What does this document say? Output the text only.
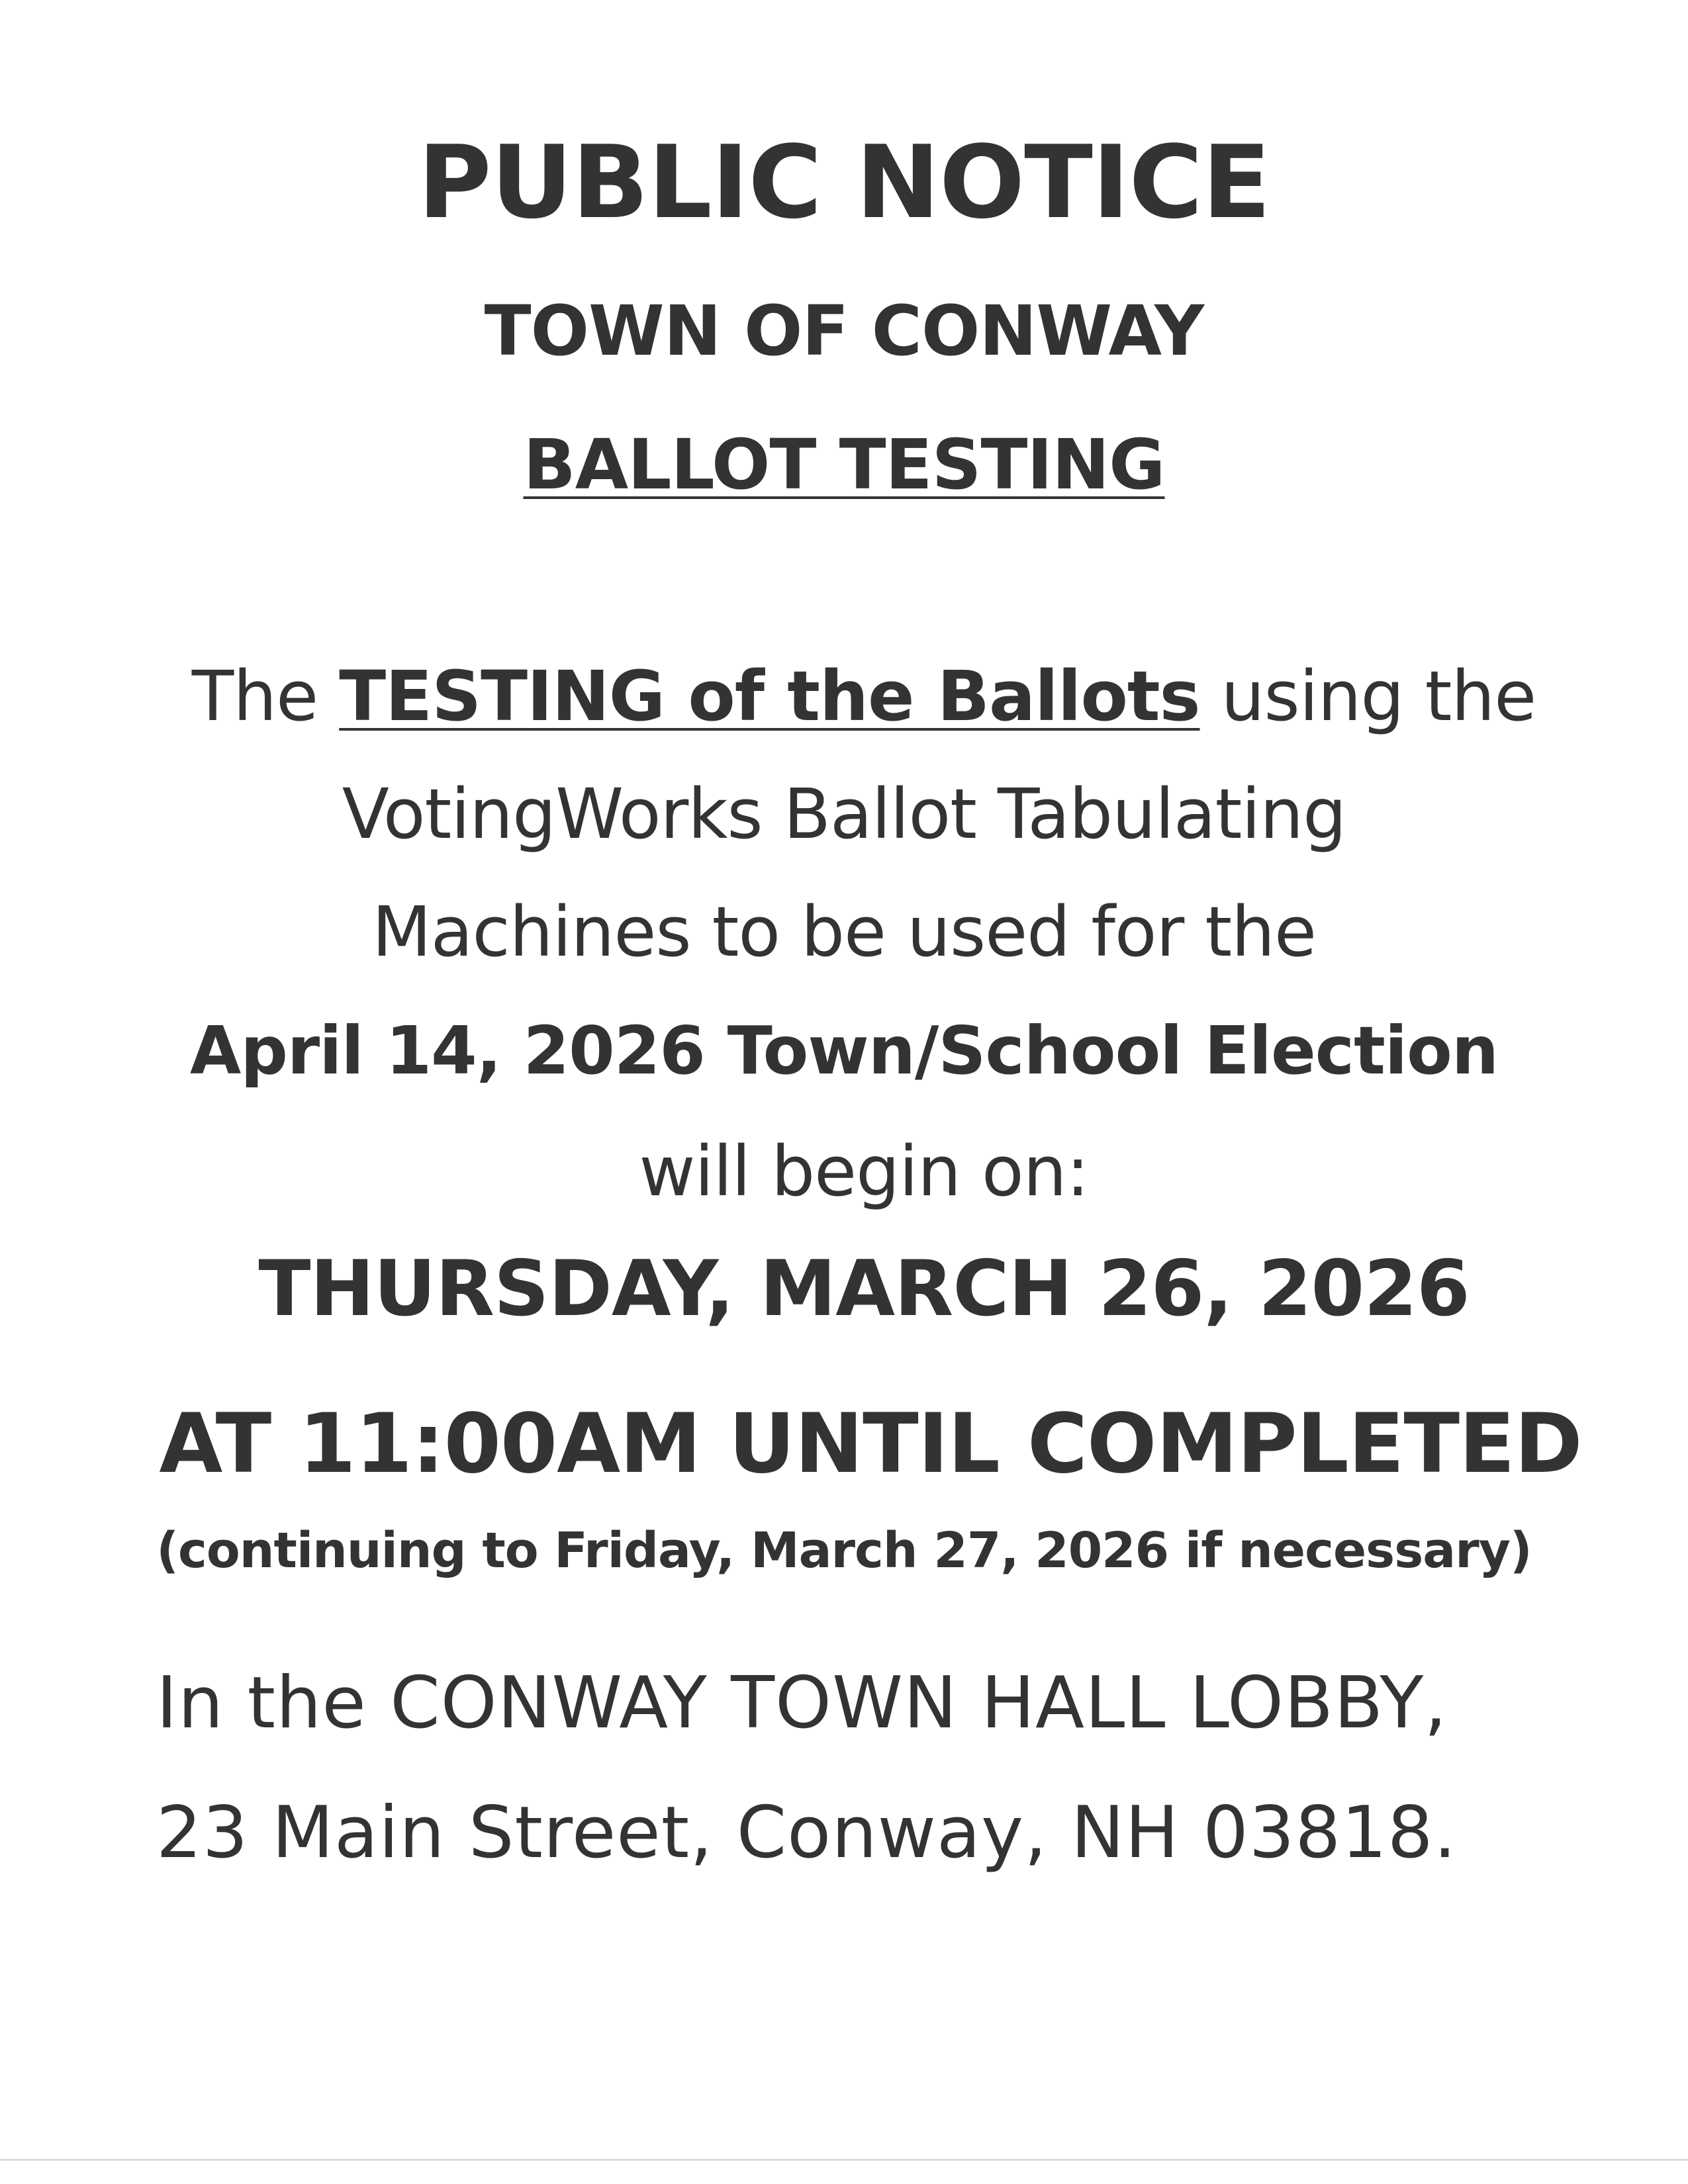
PUBLIC NOTICE
TOWN OF CONWAY
BALLOT TESTING
The TESTING of the Ballots using the
VotingWorks Ballot Tabulating
Machines to be used for the
April 14, 2026 Town/School Election
will begin on:
THURSDAY, MARCH 26, 2026
AT 11:00AM UNTIL COMPLETED
(continuing to Friday, March 27, 2026 if necessary)
In the CONWAY TOWN HALL LOBBY,
23 Main Street, Conway, NH 03818.
